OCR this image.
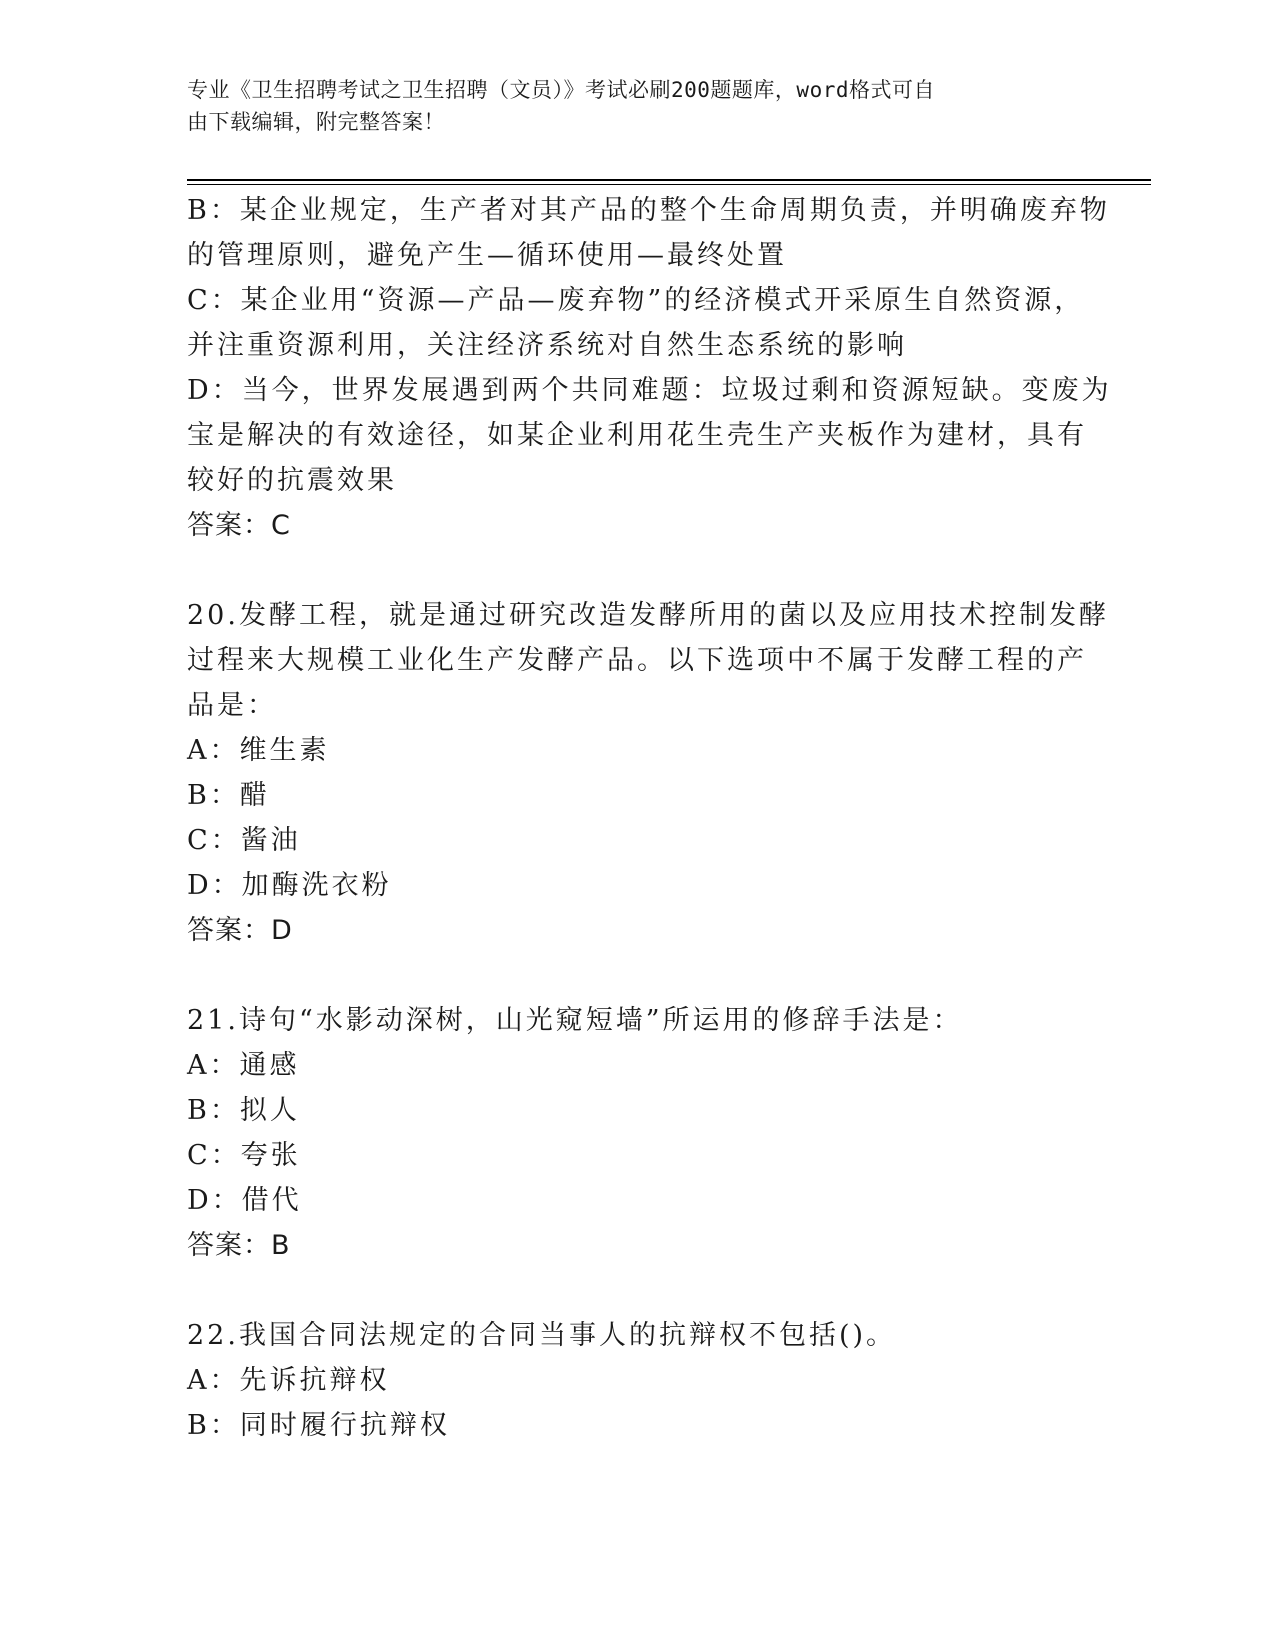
专业《卫生招聘考试之卫生招聘（文员）》考试必刷200题题库，word格式可自
由下载编辑，附完整答案！
B：某企业规定，生产者对其产品的整个生命周期负责，并明确废弃物
的管理原则，避免产生—循环使用—最终处置
C：某企业用“资源—产品—废弃物”的经济模式开采原生自然资源，
并注重资源利用，关注经济系统对自然生态系统的影响
D：当今，世界发展遇到两个共同难题：垃圾过剩和资源短缺。变废为
宝是解决的有效途径，如某企业利用花生壳生产夹板作为建材，具有
较好的抗震效果
答案：C
20.发酵工程，就是通过研究改造发酵所用的菌以及应用技术控制发酵
过程来大规模工业化生产发酵产品。以下选项中不属于发酵工程的产
品是：
A：维生素
B：醋
C：酱油
D：加酶洗衣粉
答案：D
21.诗句“水影动深树，山光窥短墙”所运用的修辞手法是：
A：通感
B：拟人
C：夸张
D：借代
答案：B
22.我国合同法规定的合同当事人的抗辩权不包括()。
A：先诉抗辩权
B：同时履行抗辩权
